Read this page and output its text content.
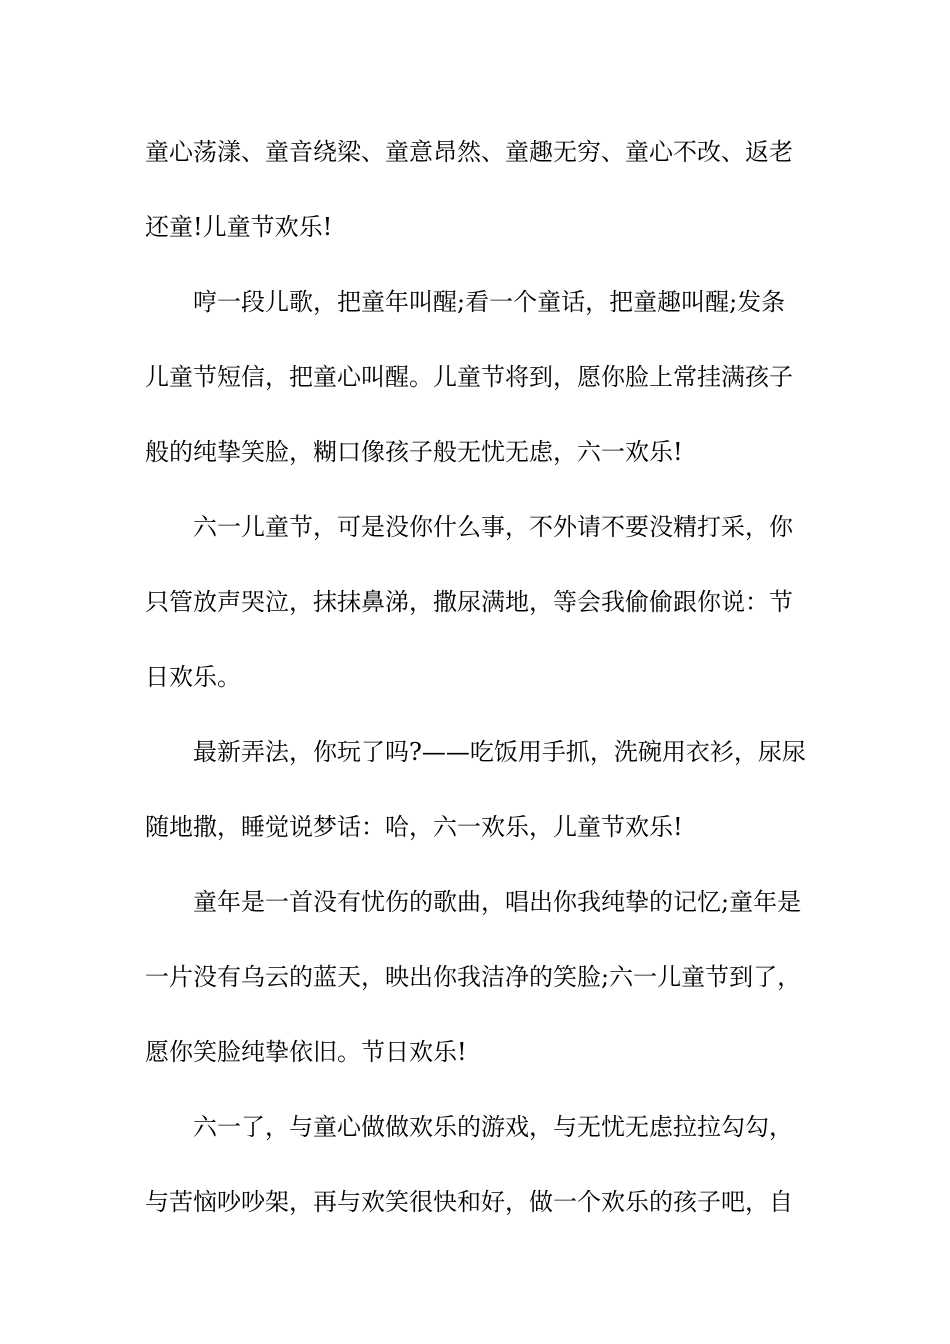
童心荡漾、童音绕梁、童意昂然、童趣无穷、童心不改、返老
还童!儿童节欢乐!
哼一段儿歌，把童年叫醒;看一个童话，把童趣叫醒;发条
儿童节短信，把童心叫醒。儿童节将到，愿你脸上常挂满孩子
般的纯挚笑脸，糊口像孩子般无忧无虑，六一欢乐!
六一儿童节，可是没你什么事，不外请不要没精打采，你
只管放声哭泣，抹抹鼻涕，撒尿满地，等会我偷偷跟你说：节
日欢乐。
最新弄法，你玩了吗?——吃饭用手抓，洗碗用衣衫，尿尿
随地撒，睡觉说梦话：哈，六一欢乐，儿童节欢乐!
童年是一首没有忧伤的歌曲，唱出你我纯挚的记忆;童年是
一片没有乌云的蓝天，映出你我洁净的笑脸;六一儿童节到了，
愿你笑脸纯挚依旧。节日欢乐!
六一了，与童心做做欢乐的游戏，与无忧无虑拉拉勾勾，
与苦恼吵吵架，再与欢笑很快和好，做一个欢乐的孩子吧，自
